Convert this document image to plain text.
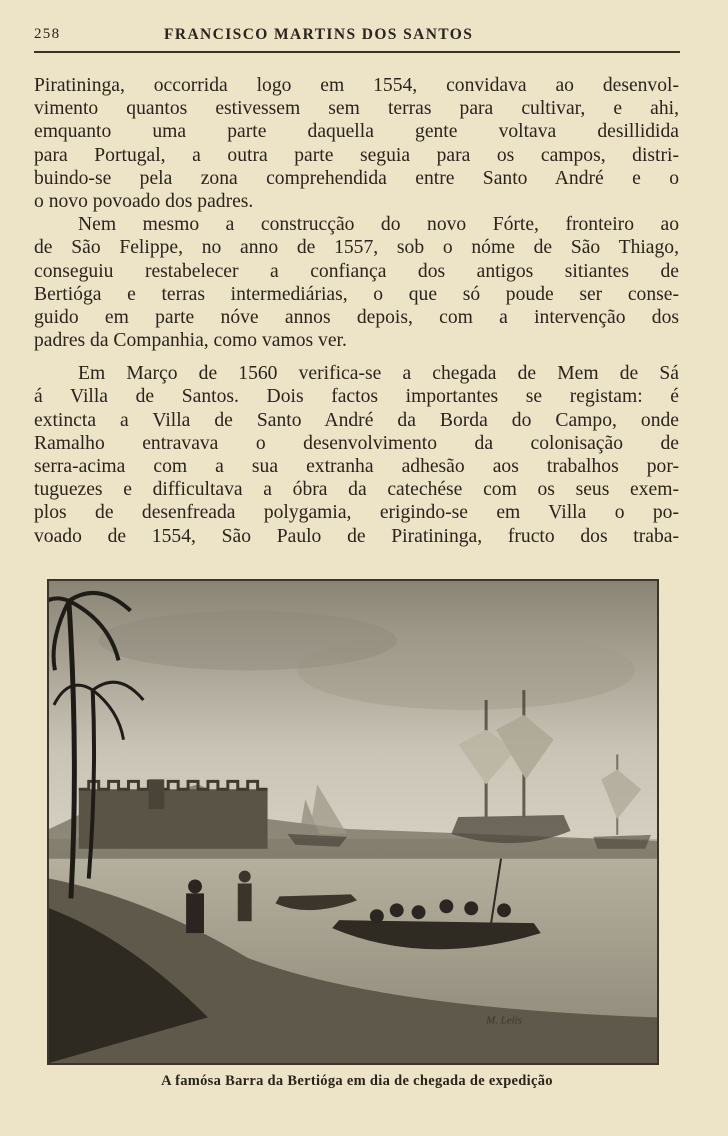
258	FRANCISCO MARTINS DOS SANTOS
Piratininga, occorrida logo em 1554, convidava ao desenvol-
vimento quantos estivessem sem terras para cultivar, e ahi,
emquanto uma parte daquella gente voltava desillidida
para Portugal, a outra parte seguia para os campos, distri-
buindo-se pela zona comprehendida entre Santo André e o
o novo povoado dos padres.
Nem mesmo a construcção do novo Fórte, fronteiro ao
de São Felippe, no anno de 1557, sob o nóme de São Thiago,
conseguiu restabelecer a confiança dos antigos sitiantes de
Bertióga e terras intermediárias, o que só poude ser conse-
guido em parte nóve annos depois, com a intervenção dos
padres da Companhia, como vamos ver.
Em Março de 1560 verifica-se a chegada de Mem de Sá
á Villa de Santos. Dois factos importantes se registam: é
extincta a Villa de Santo André da Borda do Campo, onde
Ramalho entravava o desenvolvimento da colonisação de
serra-acima com a sua extranha adhesão aos trabalhos por-
tuguezes e difficultava a óbra da catechése com os seus exem-
plos de desenfreada polygamia, erigindo-se em Villa o po-
voado de 1554, São Paulo de Piratininga, fructo dos traba-
M. Lelis
A famósa Barra da Bertióga em dia de chegada de expedição
